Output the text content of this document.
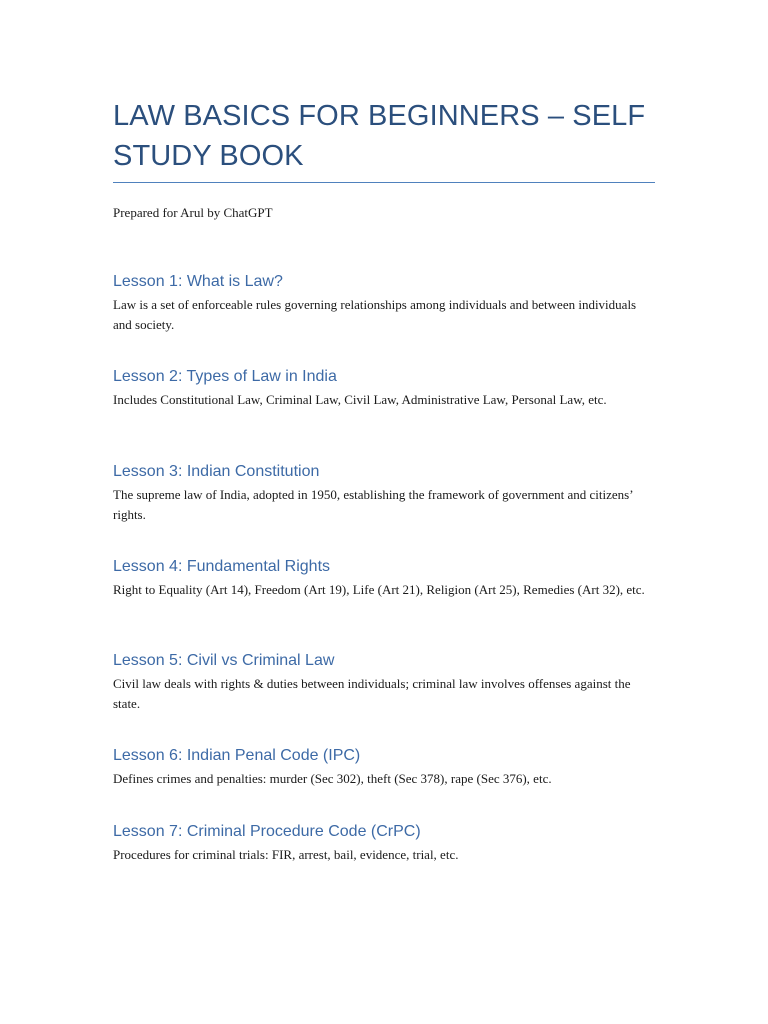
LAW BASICS FOR BEGINNERS – SELF STUDY BOOK
Prepared for Arul by ChatGPT
Lesson 1: What is Law?
Law is a set of enforceable rules governing relationships among individuals and between individuals and society.
Lesson 2: Types of Law in India
Includes Constitutional Law, Criminal Law, Civil Law, Administrative Law, Personal Law, etc.
Lesson 3: Indian Constitution
The supreme law of India, adopted in 1950, establishing the framework of government and citizens’ rights.
Lesson 4: Fundamental Rights
Right to Equality (Art 14), Freedom (Art 19), Life (Art 21), Religion (Art 25), Remedies (Art 32), etc.
Lesson 5: Civil vs Criminal Law
Civil law deals with rights & duties between individuals; criminal law involves offenses against the state.
Lesson 6: Indian Penal Code (IPC)
Defines crimes and penalties: murder (Sec 302), theft (Sec 378), rape (Sec 376), etc.
Lesson 7: Criminal Procedure Code (CrPC)
Procedures for criminal trials: FIR, arrest, bail, evidence, trial, etc.
